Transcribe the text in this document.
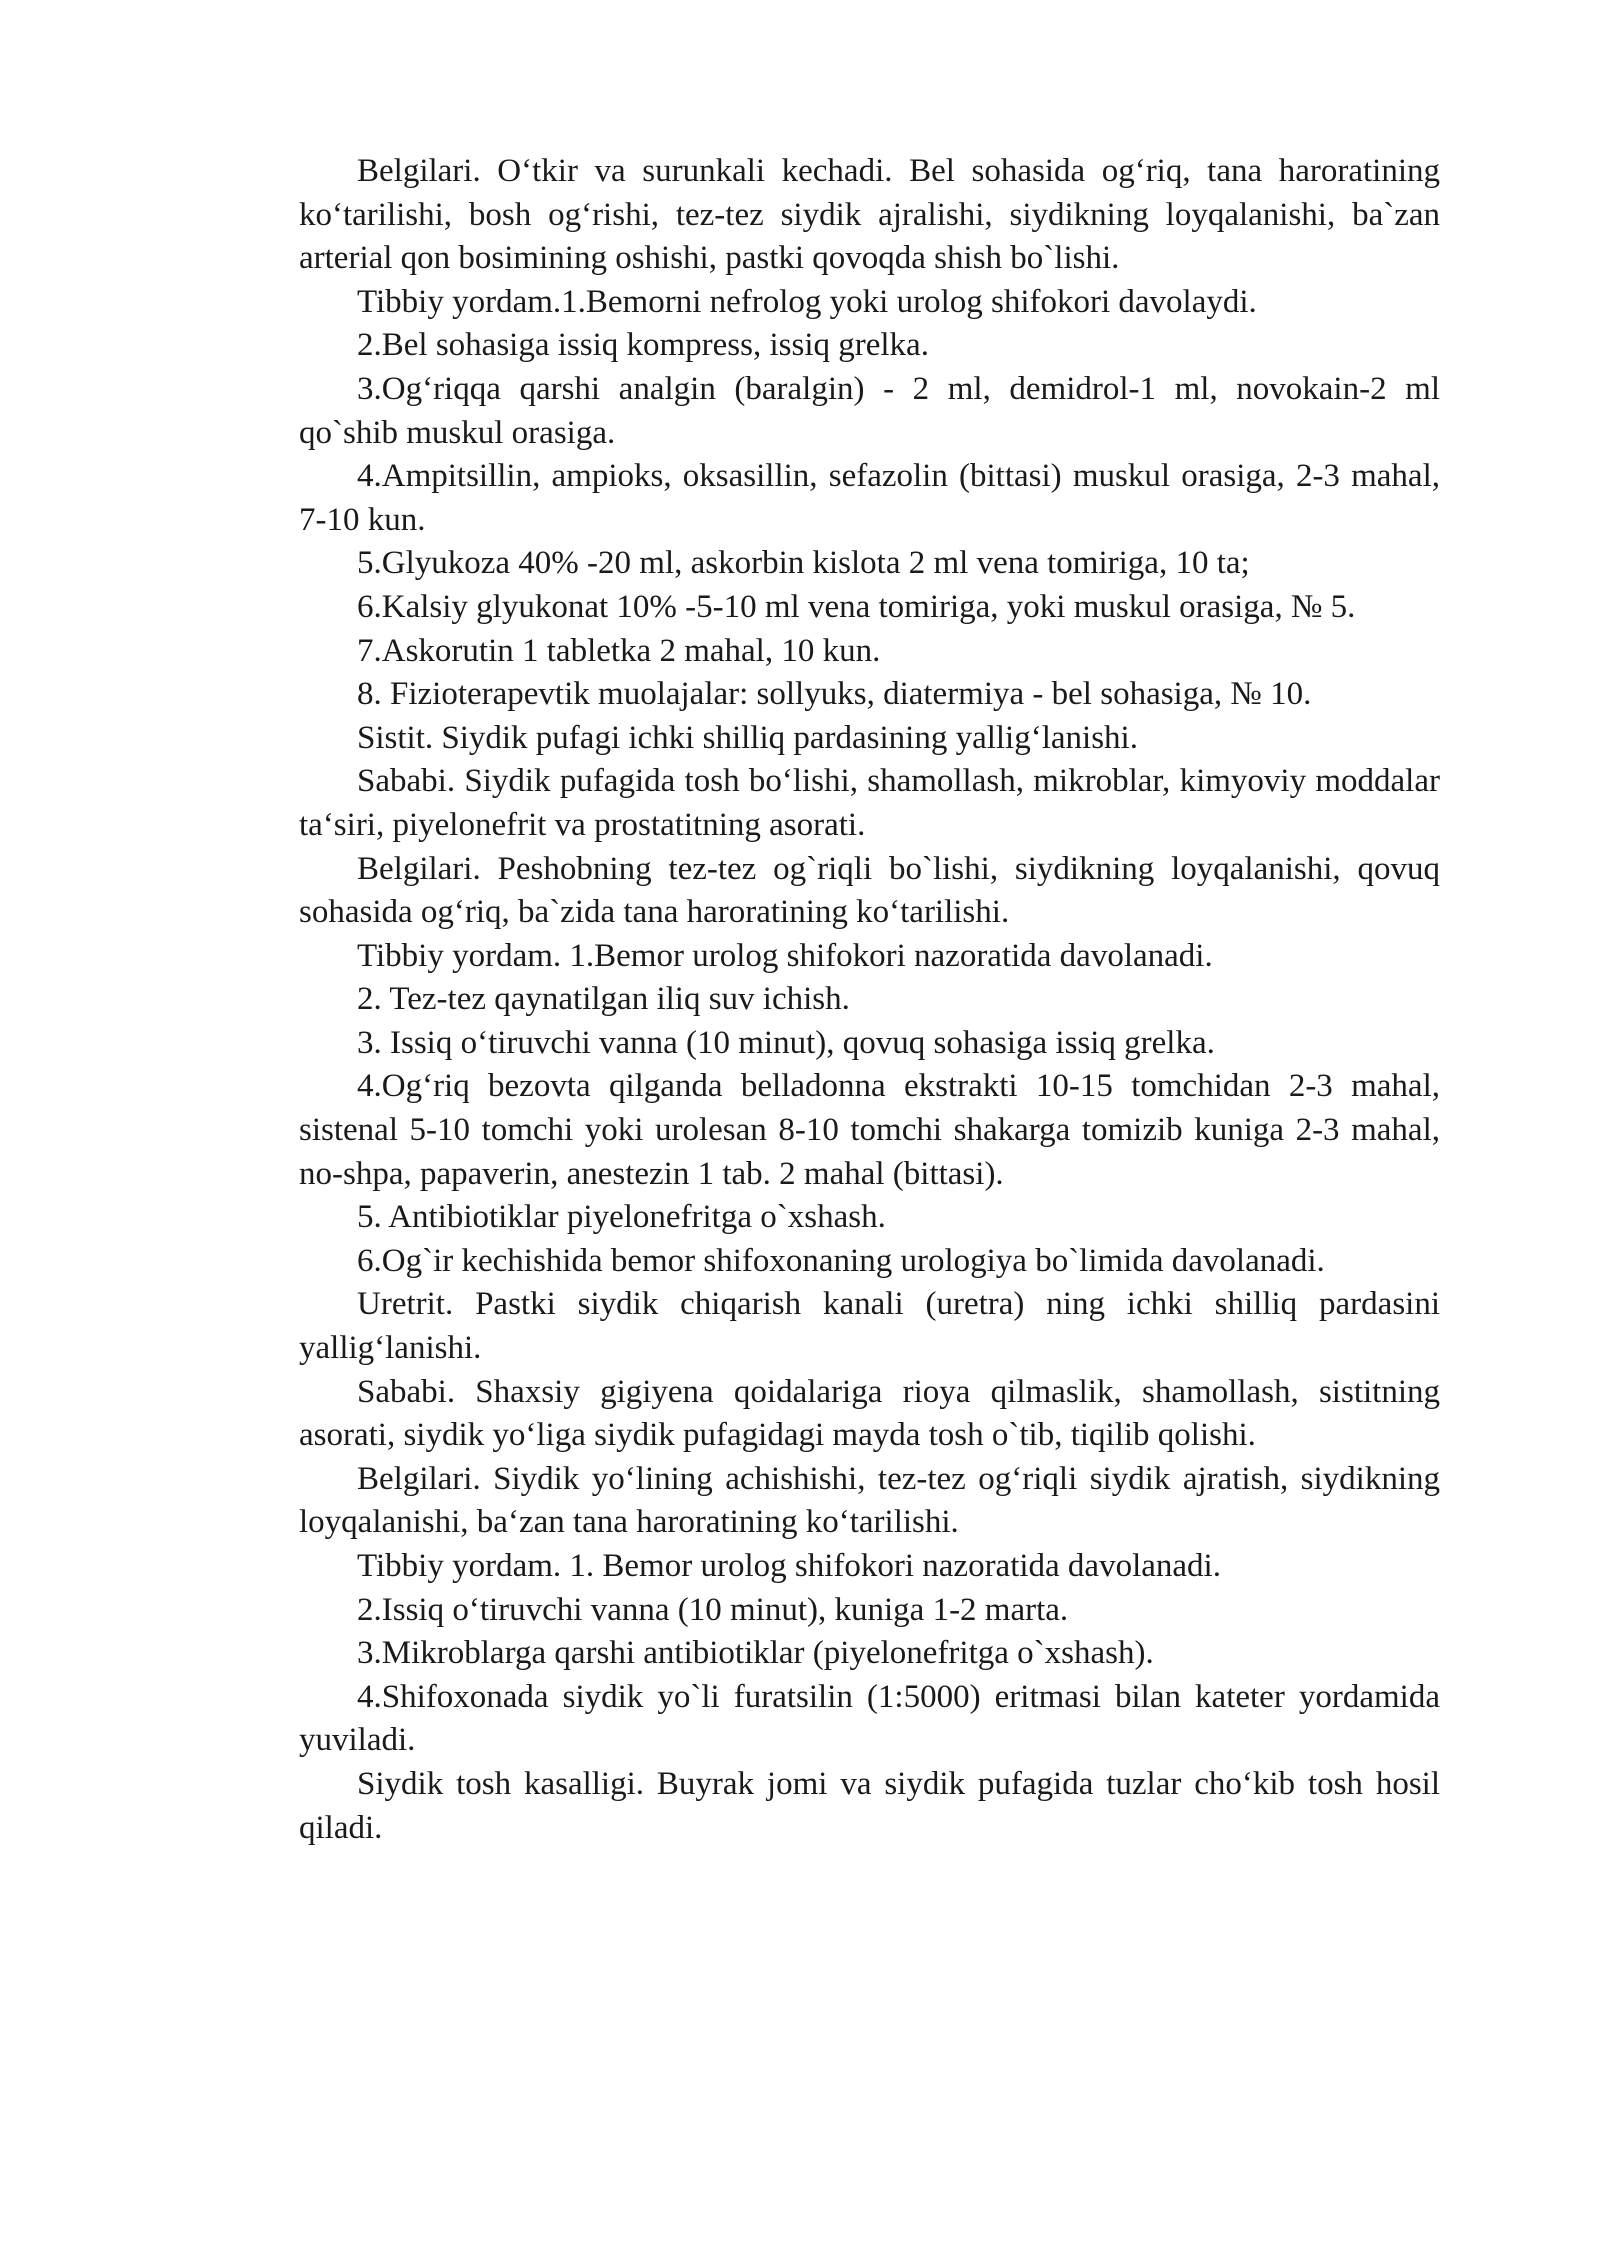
Belgilari. O‘tkir va surunkali kechadi. Bel sohasida og‘riq, tana haroratining ko‘tarilishi, bosh og‘rishi, tez-tez siydik ajralishi, siydikning loyqalanishi, ba`zan arterial qon bosimining oshishi, pastki qovoqda shish bo`lishi.

Tibbiy yordam.1.Bemorni nefrolog yoki urolog shifokori davolaydi.

2.Bel sohasiga issiq kompress, issiq grelka.

3.Og‘riqqa qarshi analgin (baralgin) - 2 ml, demidrol-1 ml, novokain-2 ml qo`shib muskul orasiga.

4.Ampitsillin, ampioks, oksasillin, sefazolin (bittasi) muskul orasiga, 2-3 mahal, 7-10 kun.

5.Glyukoza 40% -20 ml, askorbin kislota 2 ml vena tomiriga, 10 ta;

6.Kalsiy glyukonat 10% -5-10 ml vena tomiriga, yoki muskul orasiga, № 5.

7.Askorutin 1 tabletka 2 mahal, 10 kun.

8. Fizioterapevtik muolajalar: sollyuks, diatermiya - bel sohasiga, № 10.

Sistit. Siydik pufagi ichki shilliq pardasining yallig‘lanishi.

Sababi. Siydik pufagida tosh bo‘lishi, shamollash, mikroblar, kimyoviy moddalar ta‘siri, piyelonefrit va prostatitning asorati.

Belgilari. Peshobning tez-tez og`riqli bo`lishi, siydikning loyqalanishi, qovuq sohasida og‘riq, ba`zida tana haroratining ko‘tarilishi.

Tibbiy yordam. 1.Bemor urolog shifokori nazoratida davolanadi.

2. Tez-tez qaynatilgan iliq suv ichish.

3. Issiq o‘tiruvchi vanna (10 minut), qovuq sohasiga issiq grelka.

4.Og‘riq bezovta qilganda belladonna ekstrakti 10-15 tomchidan 2-3 mahal, sistenal 5-10 tomchi yoki urolesan 8-10 tomchi shakarga tomizib kuniga 2-3 mahal, no-shpa, papaverin, anestezin 1 tab. 2 mahal (bittasi).

5. Antibiotiklar piyelonefritga o`xshash.

6.Og`ir kechishida bemor shifoxonaning urologiya bo`limida davolanadi.

Uretrit. Pastki siydik chiqarish kanali (uretra) ning ichki shilliq pardasini yallig‘lanishi.

Sababi. Shaxsiy gigiyena qoidalariga rioya qilmaslik, shamollash, sistitning asorati, siydik yo‘liga siydik pufagidagi mayda tosh o`tib, tiqilib qolishi.

Belgilari. Siydik yo‘lining achishishi, tez-tez og‘riqli siydik ajratish, siydikning loyqalanishi, ba‘zan tana haroratining ko‘tarilishi.

Tibbiy yordam. 1. Bemor urolog shifokori nazoratida davolanadi.

2.Issiq o‘tiruvchi vanna (10 minut), kuniga 1-2 marta.

3.Mikroblarga qarshi antibiotiklar (piyelonefritga o`xshash).

4.Shifoxonada siydik yo`li furatsilin (1:5000) eritmasi bilan kateter yordamida yuviladi.

Siydik tosh kasalligi. Buyrak jomi va siydik pufagida tuzlar cho‘kib tosh hosil qiladi.
